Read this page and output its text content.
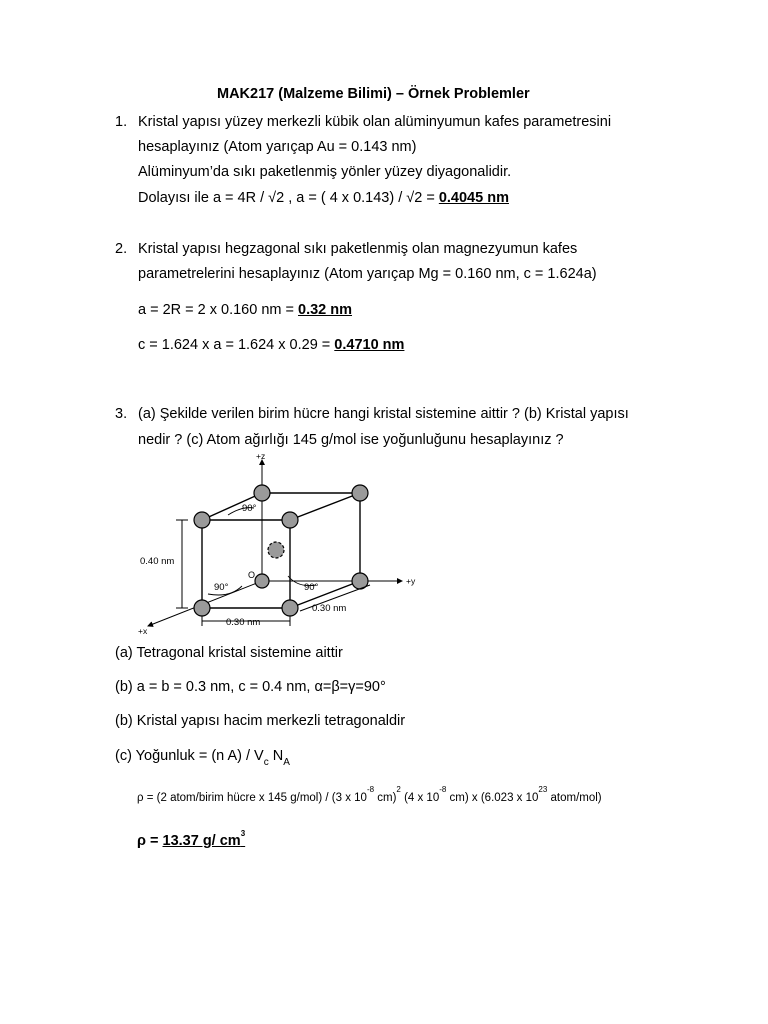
MAK217 (Malzeme Bilimi) – Örnek Problemler
1. Kristal yapısı yüzey merkezli kübik olan alüminyumun kafes parametresini
hesaplayınız (Atom yarıçap Au = 0.143 nm)
Alüminyum’da sıkı paketlenmiş yönler yüzey diyagonalidir.
Dolayısı ile a = 4R / √2 , a = ( 4 x 0.143) / √2 = 0.4045 nm
2. Kristal yapısı hegzagonal sıkı paketlenmiş olan magnezyumun kafes
parametrelerini hesaplayınız (Atom yarıçap Mg = 0.160 nm, c = 1.624a)
a = 2R = 2 x 0.160 nm = 0.32 nm
c = 1.624 x a = 1.624 x 0.29 = 0.4710 nm
3. (a) Şekilde verilen birim hücre hangi kristal sistemine aittir ? (b) Kristal yapısı
nedir ? (c) Atom ağırlığı 145 g/mol ise yoğunluğunu hesaplayınız ?
0.40 nm
0.30 nm
0.30 nm
90°
90°	90°
+z
+y
+x
O
(a) Tetragonal kristal sistemine aittir
(b) a = b = 0.3 nm, c = 0.4 nm, α=β=γ=90°
(b) Kristal yapısı hacim merkezli tetragonaldir
(c) Yoğunluk = (n $A) / V_c$ $N_A$
ρ = (2 atom/birim hücre x 145 g/mol) / (3 x $10^{-8}$ cm)$^2$ (4 x $10^{-8}$ cm) x (6.023 x $10^{23}$ atom/mol)
ρ = 13.37 g/ $cm^3$
